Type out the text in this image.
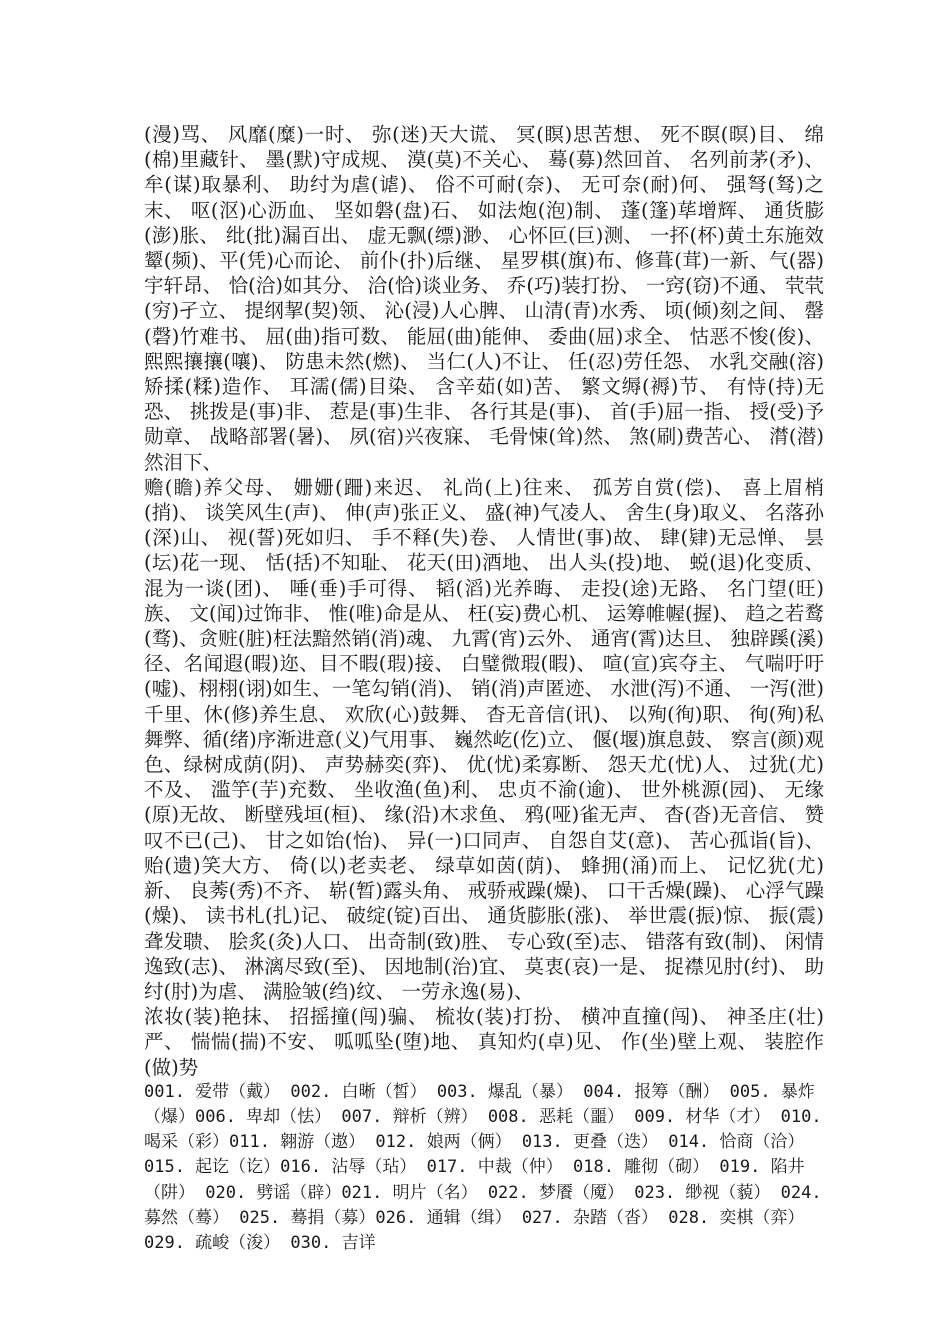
(漫)骂、 风靡(糜)一时、 弥(迷)天大谎、 冥(瞑)思苦想、 死不瞑(暝)目、 绵(棉)里藏针、 墨(默)守成规、 漠(莫)不关心、 蓦(募)然回首、 名列前茅(矛)、牟(谋)取暴利、 助纣为虐(谑)、 俗不可耐(奈)、 无可奈(耐)何、 强弩(驽)之末、 呕(沤)心沥血、 坚如磐(盘)石、 如法炮(泡)制、 蓬(篷)荜增辉、 通货膨(澎)胀、 纰(批)漏百出、 虚无飘(缥)渺、 心怀叵(巨)测、 一抔(杯)黄土东施效颦(频)、平(凭)心而论、 前仆(扑)后继、 星罗棋(旗)布、修葺(茸)一新、气(器)宇轩昂、 恰(洽)如其分、 洽(恰)谈业务、 乔(巧)装打扮、 一窍(窃)不通、 茕茕(穷)孑立、 提纲挈(契)领、 沁(浸)人心脾、 山清(青)水秀、 顷(倾)刻之间、 罄(磬)竹难书、 屈(曲)指可数、 能屈(曲)能伸、 委曲(屈)求全、 怙恶不悛(俊)、熙熙攘攘(嚷)、 防患未然(燃)、 当仁(人)不让、 任(忍)劳任怨、 水乳交融(溶)矫揉(糅)造作、 耳濡(儒)目染、 含辛茹(如)苦、 繁文缛(褥)节、 有恃(持)无恐、 挑拨是(事)非、 惹是(事)生非、 各行其是(事)、 首(手)屈一指、 授(受)予勋章、 战略部署(暑)、 夙(宿)兴夜寐、 毛骨悚(耸)然、 煞(刷)费苦心、 潸(潜)然泪下、

赡(瞻)养父母、 姗姗(跚)来迟、 礼尚(上)往来、 孤芳自赏(偿)、 喜上眉梢(捎)、 谈笑风生(声)、 伸(声)张正义、 盛(神)气凌人、 舍生(身)取义、 名落孙(深)山、 视(誓)死如归、 手不释(失)卷、 人情世(事)故、 肆(肄)无忌惮、 昙(坛)花一现、 恬(括)不知耻、 花天(田)酒地、 出人头(投)地、 蜕(退)化变质、 混为一谈(团)、 唾(垂)手可得、 韬(滔)光养晦、 走投(途)无路、 名门望(旺)族、 文(闻)过饰非、 惟(唯)命是从、 枉(妄)费心机、 运筹帷幄(握)、 趋之若鹜(骛)、贪赃(脏)枉法黯然销(消)魂、 九霄(宵)云外、 通宵(霄)达旦、 独辟蹊(溪)径、名闻遐(暇)迩、目不暇(瑕)接、 白璧微瑕(暇)、 喧(宣)宾夺主、 气喘吁吁(嘘)、栩栩(诩)如生、一笔勾销(消)、 销(消)声匿迹、 水泄(泻)不通、 一泻(泄)千里、休(修)养生息、 欢欣(心)鼓舞、 杳无音信(讯)、 以殉(徇)职、 徇(殉)私舞弊、循(绪)序渐进意(义)气用事、 巍然屹(仡)立、 偃(堰)旗息鼓、 察言(颜)观色、绿树成荫(阴)、 声势赫奕(弈)、 优(忧)柔寡断、 怨天尤(忧)人、 过犹(尤)不及、 滥竽(芋)充数、 坐收渔(鱼)利、 忠贞不渝(逾)、 世外桃源(园)、 无缘(原)无故、 断壁残垣(桓)、 缘(沿)木求鱼、 鸦(哑)雀无声、 杳(沓)无音信、 赞叹不已(己)、 甘之如饴(怡)、 异(一)口同声、 自怨自艾(意)、 苦心孤诣(旨)、 贻(遗)笑大方、 倚(以)老卖老、 绿草如茵(荫)、 蜂拥(涌)而上、 记忆犹(尤)新、 良莠(秀)不齐、 崭(暂)露头角、 戒骄戒躁(燥)、 口干舌燥(躁)、 心浮气躁(燥)、 读书札(扎)记、 破绽(锭)百出、 通货膨胀(涨)、 举世震(振)惊、 振(震)聋发聩、 脍炙(灸)人口、 出奇制(致)胜、 专心致(至)志、 错落有致(制)、 闲情逸致(志)、 淋漓尽致(至)、 因地制(治)宜、 莫衷(哀)一是、 捉襟见肘(纣)、 助纣(肘)为虐、 满脸皱(绉)纹、 一劳永逸(易)、

浓妆(装)艳抹、 招摇撞(闯)骗、 梳妆(装)打扮、 横冲直撞(闯)、 神圣庄(壮)严、 惴惴(揣)不安、 呱呱坠(堕)地、 真知灼(卓)见、 作(坐)壁上观、 装腔作(做)势

001. 爱带（戴） 002. 白晰（皙） 003. 爆乱（暴） 004. 报筹（酬） 005. 暴炸（爆）006. 卑却（怯） 007. 辩析（辨） 008. 恶耗（噩） 009. 材华（才） 010. 喝采（彩）011. 翱游（遨） 012. 娘两（俩） 013. 更叠（迭） 014. 恰商（洽） 015. 起讫（讫）016. 沾辱（玷） 017. 中裁（仲） 018. 雕彻（砌） 019. 陷井（阱） 020. 劈谣（辟）021. 明片（名） 022. 梦餍（魇） 023. 缈视（藐） 024. 募然（蓦） 025. 蓦捐（募）026. 通辑（缉） 027. 杂踏（沓） 028. 奕棋（弈） 029. 疏峻（浚） 030. 吉详
